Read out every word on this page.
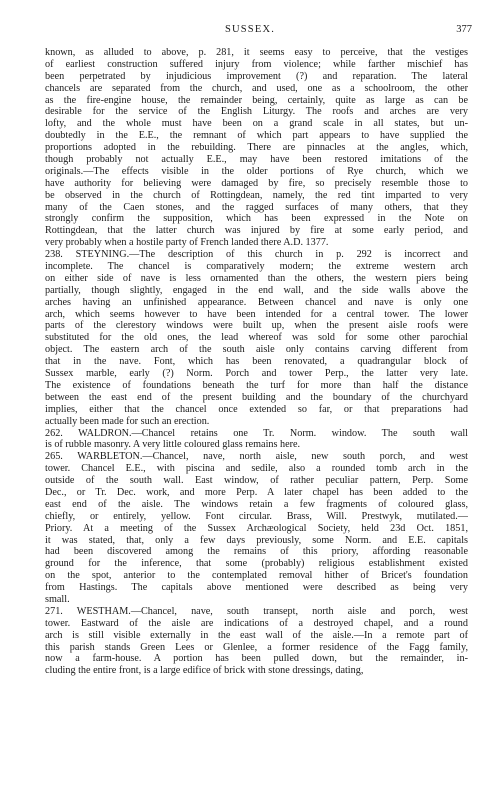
SUSSEX.	377
known, as alluded to above, p. 281, it seems easy to perceive, that the vestiges
of earliest construction suffered injury from violence; while farther mischief has
been perpetrated by injudicious improvement (?) and reparation. The lateral
chancels are separated from the church, and used, one as a schoolroom, the other
as the fire-engine house, the remainder being, certainly, quite as large as can be
desirable for the service of the English Liturgy. The roofs and arches are very
lofty, and the whole must have been on a grand scale in all states, but un-
doubtedly in the E.E., the remnant of which part appears to have supplied the
proportions adopted in the rebuilding. There are pinnacles at the angles, which,
though probably not actually E.E., may have been restored imitations of the
originals.—The effects visible in the older portions of Rye church, which we
have authority for believing were damaged by fire, so precisely resemble those to
be observed in the church of Rottingdean, namely, the red tint imparted to very
many of the Caen stones, and the ragged surfaces of many others, that they
strongly confirm the supposition, which has been expressed in the Note on
Rottingdean, that the latter church was injured by fire at some early period, and
very probably when a hostile party of French landed there A.D. 1377.
238. STEYNING.—The description of this church in p. 292 is incorrect and
incomplete. The chancel is comparatively modern; the extreme western arch
on either side of nave is less ornamented than the others, the western piers being
partially, though slightly, engaged in the end wall, and the side walls above the
arches having an unfinished appearance. Between chancel and nave is only one
arch, which seems however to have been intended for a central tower. The lower
parts of the clerestory windows were built up, when the present aisle roofs were
substituted for the old ones, the lead whereof was sold for some other parochial
object. The eastern arch of the south aisle only contains carving different from
that in the nave. Font, which has been renovated, a quadrangular block of
Sussex marble, early (?) Norm. Porch and tower Perp., the latter very late.
The existence of foundations beneath the turf for more than half the distance
between the east end of the present building and the boundary of the churchyard
implies, either that the chancel once extended so far, or that preparations had
actually been made for such an erection.
262. WALDRON.—Chancel retains one Tr. Norm. window. The south wall
is of rubble masonry. A very little coloured glass remains here.
265. WARBLETON.—Chancel, nave, north aisle, new south porch, and west
tower. Chancel E.E., with piscina and sedile, also a rounded tomb arch in the
outside of the south wall. East window, of rather peculiar pattern, Perp. Some
Dec., or Tr. Dec. work, and more Perp. A later chapel has been added to the
east end of the aisle. The windows retain a few fragments of coloured glass,
chiefly, or entirely, yellow. Font circular. Brass, Will. Prestwyk, mutilated.—
Priory. At a meeting of the Sussex Archæological Society, held 23d Oct. 1851,
it was stated, that, only a few days previously, some Norm. and E.E. capitals
had been discovered among the remains of this priory, affording reasonable
ground for the inference, that some (probably) religious establishment existed
on the spot, anterior to the contemplated removal hither of Bricet's foundation
from Hastings. The capitals above mentioned were described as being very
small.
271. WESTHAM.—Chancel, nave, south transept, north aisle and porch, west
tower. Eastward of the aisle are indications of a destroyed chapel, and a round
arch is still visible externally in the east wall of the aisle.—In a remote part of
this parish stands Green Lees or Glenlee, a former residence of the Fagg family,
now a farm-house. A portion has been pulled down, but the remainder, in-
cluding the entire front, is a large edifice of brick with stone dressings, dating,
